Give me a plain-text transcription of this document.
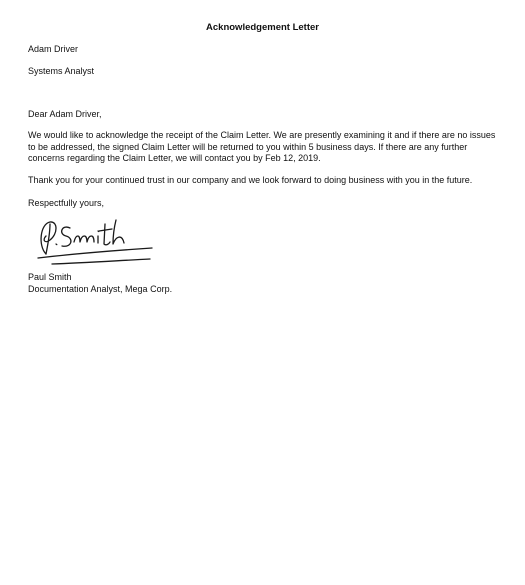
Acknowledgement Letter
Adam Driver
Systems Analyst
Dear Adam Driver,
We would like to acknowledge the receipt of the Claim Letter. We are presently examining it and if there are no issues to be addressed, the signed Claim Letter will be returned to you within 5 business days. If there are any further concerns regarding the Claim Letter, we will contact you by Feb 12, 2019.
Thank you for your continued trust in our company and we look forward to doing business with you in the future.
Respectfully yours,
Paul Smith
Documentation Analyst, Mega Corp.
